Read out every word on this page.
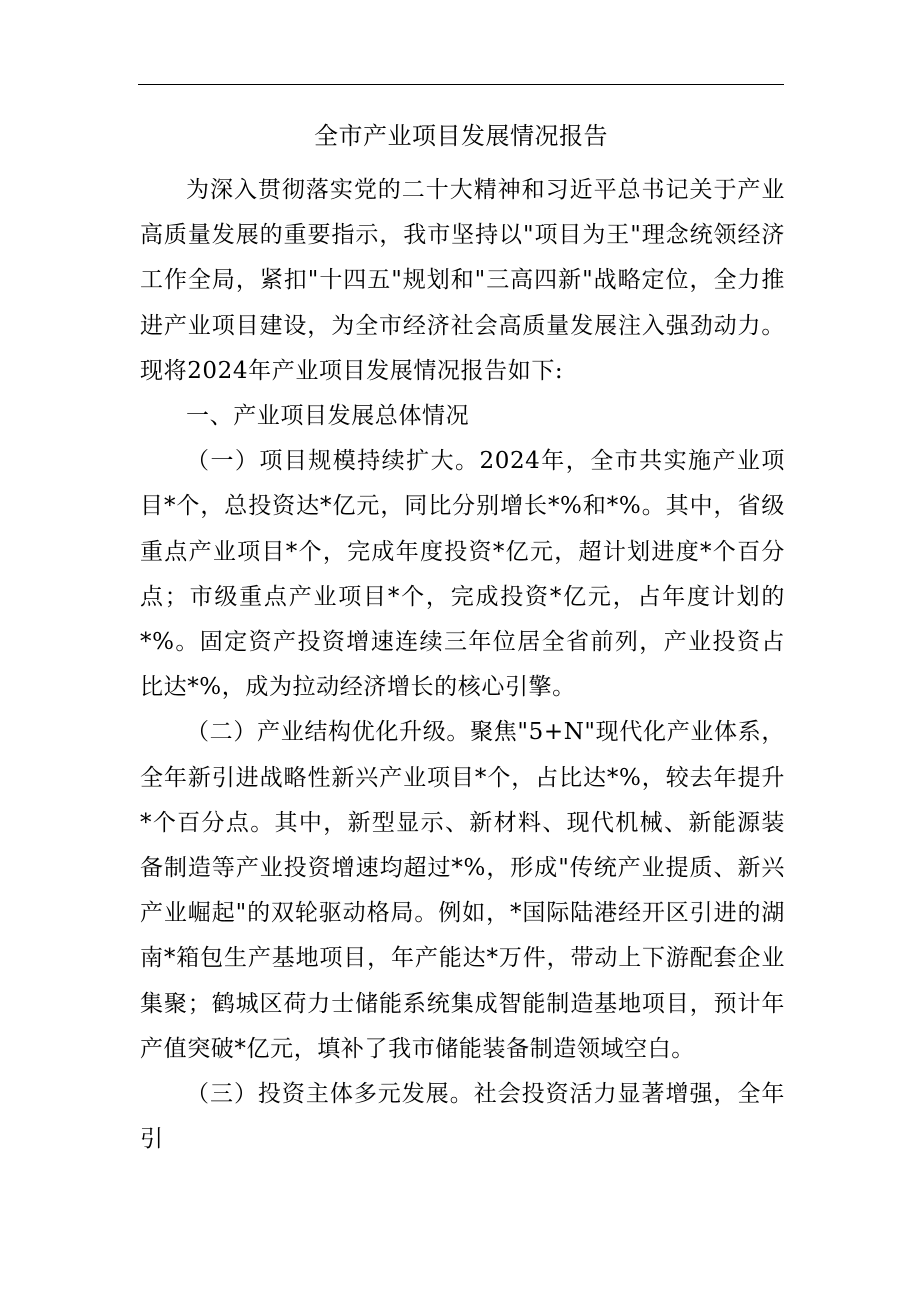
全市产业项目发展情况报告

为深入贯彻落实党的二十大精神和习近平总书记关于产业高质量发展的重要指示，我市坚持以"项目为王"理念统领经济工作全局，紧扣"十四五"规划和"三高四新"战略定位，全力推进产业项目建设，为全市经济社会高质量发展注入强劲动力。现将2024年产业项目发展情况报告如下:

一、产业项目发展总体情况

（一）项目规模持续扩大。2024年，全市共实施产业项目*个，总投资达*亿元，同比分别增长*%和*%。其中，省级重点产业项目*个，完成年度投资*亿元，超计划进度*个百分点；市级重点产业项目*个，完成投资*亿元，占年度计划的*%。固定资产投资增速连续三年位居全省前列，产业投资占比达*%，成为拉动经济增长的核心引擎。

（二）产业结构优化升级。聚焦"5+N"现代化产业体系，全年新引进战略性新兴产业项目*个，占比达*%，较去年提升*个百分点。其中，新型显示、新材料、现代机械、新能源装备制造等产业投资增速均超过*%，形成"传统产业提质、新兴产业崛起"的双轮驱动格局。例如，*国际陆港经开区引进的湖南*箱包生产基地项目，年产能达*万件，带动上下游配套企业集聚；鹤城区荷力士储能系统集成智能制造基地项目，预计年产值突破*亿元，填补了我市储能装备制造领域空白。

（三）投资主体多元发展。社会投资活力显著增强，全年引
